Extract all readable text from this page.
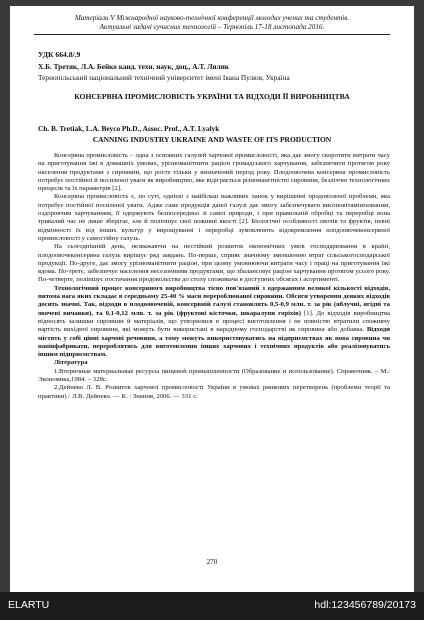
Матеріали V Міжнародної науково-технічної конференції молодих учених та студентів.
Актуальні задачі сучасних технологій – Тернопіль 17-18 листопада 2016.
УДК 664.8/.9
Х.Б. Третяк, Л.А. Бейко канд. техн. наук, доц., А.Т. Лялик
Тернопільський національний технічний університет імені Івана Пулюя, Україна
КОНСЕРВНА ПРОМИСЛОВІСТЬ УКРАЇНИ ТА ВІДХОДИ ЇЇ ВИРОБНИЦТВА
Ch. B. Tretiak, L.A. Beyco Ph.D., Assoc. Prof., A.T. Lyalyk
CANNING INDUSTRY UKRAINE AND WASTE OF ITS PRODUCTION

Консервна промисловість – одна з основних галузей харчової промисловості, яка дає змогу скоротити витрати часу на приготування їжі в домашніх умовах, урізноманітнити раціон громадського харчування, забезпечити протягом року населення продуктами з сировини, що росте тільки у визначений період року. Плодоовочева консервна промисловість потребує постійної й посиленої уваги як виробництво, яке відіграється різноманітністю сировини, безліччю технологічних процесів та їх параметрів [2].

Консервна промисловість є, по суті, однією з найбільш важливих ланок у вирішенні продовольчої проблеми, яка потребує постійної посиленої уваги. Адже саме продукція даної галузі дає змогу забезпечувати висоновітамінізованим, оздоровчим харчуванням, її одержують безпосередньо зі самої природи, і при правильній обробці та переробці вона тривалий час не лише зберігає, але й поліпшує свої поживні якості [2]. Біологічні особливості овочів та фруктів, певні відмінності їх від інших культур у вирощуванні і переробці зумовлюють відокремлення плодоовочеконсервної промисловості у самостійну галузь.

На сьогоднішній день, незважаючи на нестійкий розвиток економічних умов господарювання в країні, плодоовочеконсервна галузь вирішує ряд завдань. По-перше, сприяє значному зменшенню втрат сільськогосподарської продукції. По-друге, дає змогу урізноманітнити раціон, при цьому умовнюючи витрати часу і праці на приготування їжі вдома. По-третє, забезпечує населення несезонними продуктами, що збалансовує раціон харчування протягом усього року. По-четверте, поліпшує постачання продовольства до столу споживача в доступних обсягах і асортименті.

Технологічний процес консервного виробництва тісно пов'язаний з одержанням великої кількості відходів, питома вага яких складає в середньому 25-40 % маси перероблюваної сировини. Обсяги утворення деяких відходів досить значні. Так, відходи в плодоовочевій, консервній галузі становлять 0,5-0,9 млн. т. за рік (яблучні, ягідні та овочеві вичавки), та 0,1-0,12 млн. т. за рік (фруктові кісточки, шкаралупи горіхів) [1]. До відходів виробництва відносять залишки сировини й матеріалів, що утворилися в процесі виготовлення і не повністю втратили споживчу вартість вихідної сировини, які можуть бути використані в народному господарстві як сировина або добавка. Відходи містять у собі цінні харчові речовини, а тому можуть використовуватись на підприємствах як нова сировина чи напівфабрикати, перероблятись для виготовлення інших харчових і технічних продуктів або реалізовуватись іншим підприємствам.

Література

1.Вторичные материальные ресурсы пищевой промышленности (Образование и использование). Справочник. – М.: Экономика,1984. – 328с.

2.Дейнеко Л. В. Розвиток харчової промисловості України в умовах ринкових перетворень (проблеми теорії та практики) / Л.В. Дейнеко. — К. : Знання, 2006. — 331 с.

270
ELARTU	hdl:123456789/20173
